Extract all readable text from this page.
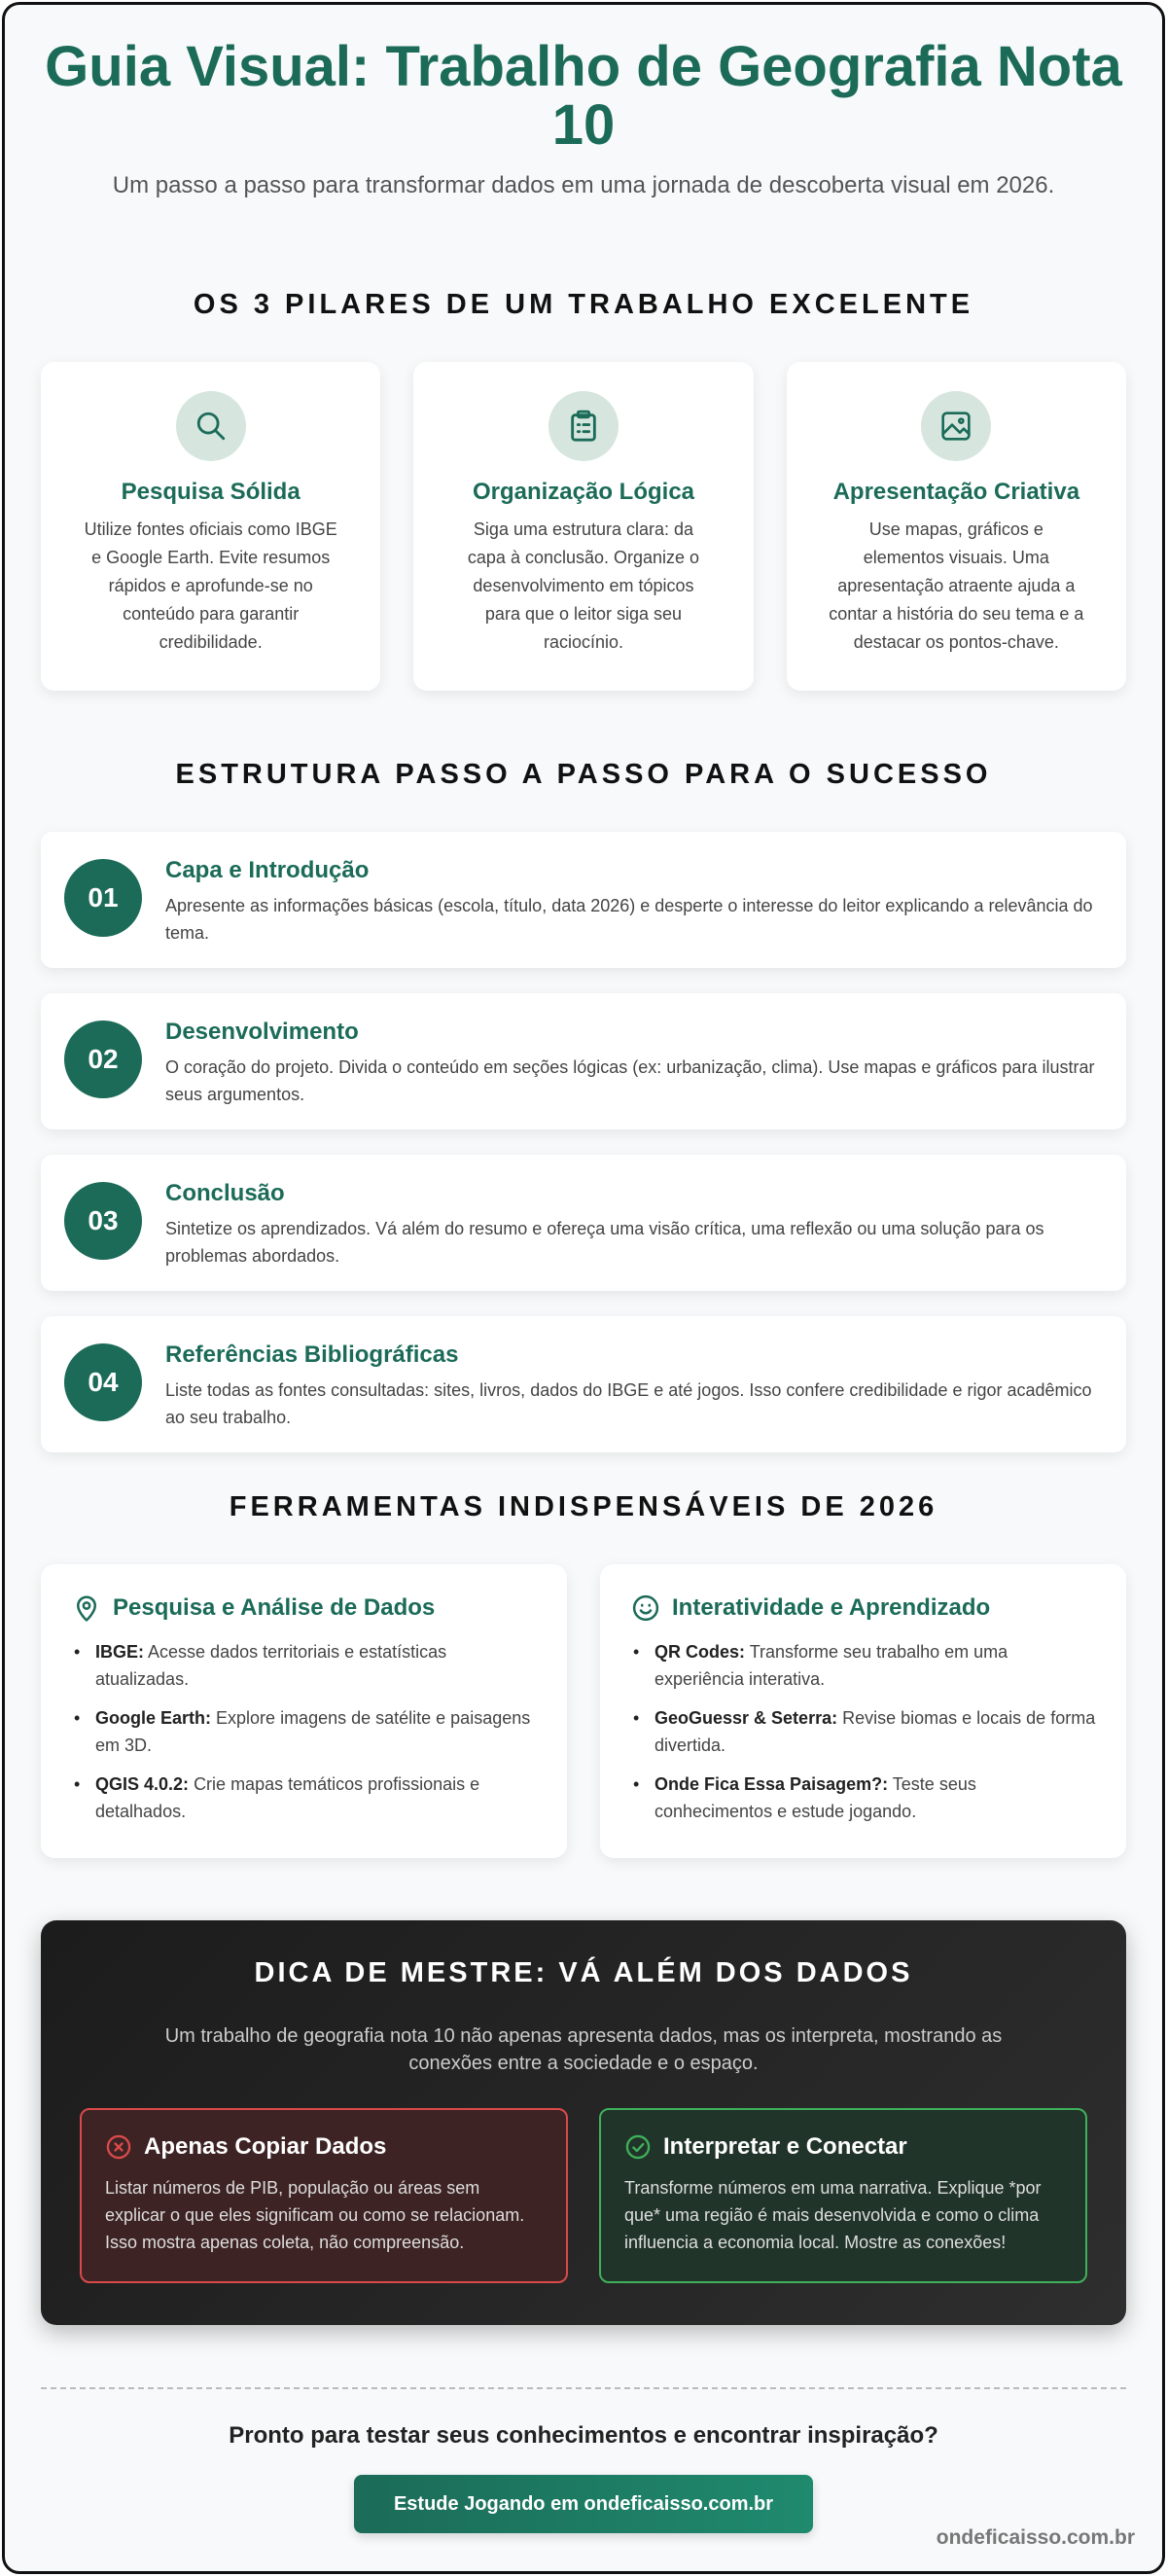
Guia Visual: Trabalho de Geografia Nota 10

Um passo a passo para transformar dados em uma jornada de descoberta visual em 2026.

OS 3 PILARES DE UM TRABALHO EXCELENTE
Pesquisa Sólida

Utilize fontes oficiais como IBGE e Google Earth. Evite resumos rápidos e aprofunde-se no conteúdo para garantir credibilidade.

Organização Lógica

Siga uma estrutura clara: da capa à conclusão. Organize o desenvolvimento em tópicos para que o leitor siga seu raciocínio.

Apresentação Criativa

Use mapas, gráficos e elementos visuais. Uma apresentação atraente ajuda a contar a história do seu tema e a destacar os pontos-chave.

ESTRUTURA PASSO A PASSO PARA O SUCESSO
01
Capa e Introdução

Apresente as informações básicas (escola, título, data 2026) e desperte o interesse do leitor explicando a relevância do tema.

02
Desenvolvimento

O coração do projeto. Divida o conteúdo em seções lógicas (ex: urbanização, clima). Use mapas e gráficos para ilustrar seus argumentos.

03
Conclusão

Sintetize os aprendizados. Vá além do resumo e ofereça uma visão crítica, uma reflexão ou uma solução para os problemas abordados.

04
Referências Bibliográficas

Liste todas as fontes consultadas: sites, livros, dados do IBGE e até jogos. Isso confere credibilidade e rigor acadêmico ao seu trabalho.

FERRAMENTAS INDISPENSÁVEIS DE 2026
Pesquisa e Análise de Dados
• IBGE: Acesse dados territoriais e estatísticas atualizadas.
• Google Earth: Explore imagens de satélite e paisagens em 3D.
• QGIS 4.0.2: Crie mapas temáticos profissionais e detalhados.
Interatividade e Aprendizado
• QR Codes: Transforme seu trabalho em uma experiência interativa.
• GeoGuessr & Seterra: Revise biomas e locais de forma divertida.
• Onde Fica Essa Paisagem?: Teste seus conhecimentos e estude jogando.
DICA DE MESTRE: VÁ ALÉM DOS DADOS

Um trabalho de geografia nota 10 não apenas apresenta dados, mas os interpreta, mostrando as conexões entre a sociedade e o espaço.

Apenas Copiar Dados

Listar números de PIB, população ou áreas sem explicar o que eles significam ou como se relacionam. Isso mostra apenas coleta, não compreensão.

Interpretar e Conectar

Transforme números em uma narrativa. Explique *por que* uma região é mais desenvolvida e como o clima influencia a economia local. Mostre as conexões!

Pronto para testar seus conhecimentos e encontrar inspiração?

Estude Jogando em ondeficaisso.com.br
ondeficaisso.com.br
